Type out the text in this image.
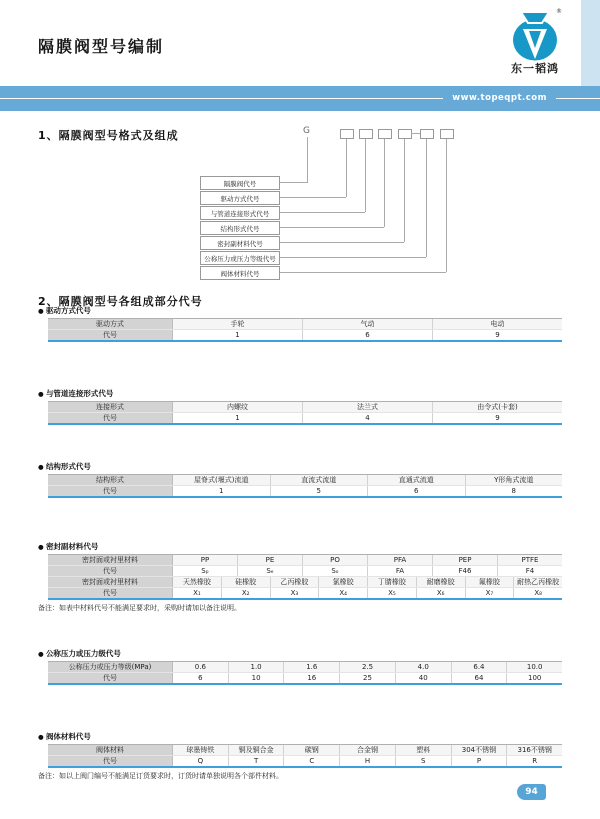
隔膜阀型号编制
®
东一韬鸿
www.topeqpt.com
1、隔膜阀型号格式及组成	G
隔膜阀代号
驱动方式代号
与管道连接形式代号
结构形式代号
密封副材料代号
公称压力或压力等级代号
阀体材料代号
2、隔膜阀型号各组成部分代号
● 驱动方式代号
驱动方式	手轮	气动	电动
代号	1	6	9
● 与管道连接形式代号
连接形式	内螺纹	法兰式	由令式(卡套)
代号	1	4	9
● 结构形式代号
结构形式	屋脊式(堰式)流道	直流式流道	直通式流道	Y形角式流道
代号	1	5	6	8
● 密封副材料代号
密封面或衬里材料	PP	PE	PO	PFA	PEP	PTFE
代号	Sₚ	Sₑ	Sₒ	FA	F46	F4
密封面或衬里材料	天然橡胶	硅橡胶	乙丙橡胶	氯橡胶	丁腈橡胶	耐磨橡胶	氟橡胶	耐热乙丙橡胶
代号	X₁	X₂	X₃	X₄	X₅	X₆	X₇	X₈
备注：如表中材料代号不能满足要求时，采购时请加以备注说明。
● 公称压力或压力级代号
公称压力或压力等级(MPa)	0.6	1.0	1.6	2.5	4.0	6.4	10.0
代号	6	10	16	25	40	64	100
● 阀体材料代号
阀体材料	球墨铸铁	铜及铜合金	碳钢	合金钢	塑料	304不锈钢	316不锈钢
代号	Q	T	C	H	S	P	R
备注：如以上阀门编号不能满足订货要求时，订货时请单独说明各个部件材料。
94
